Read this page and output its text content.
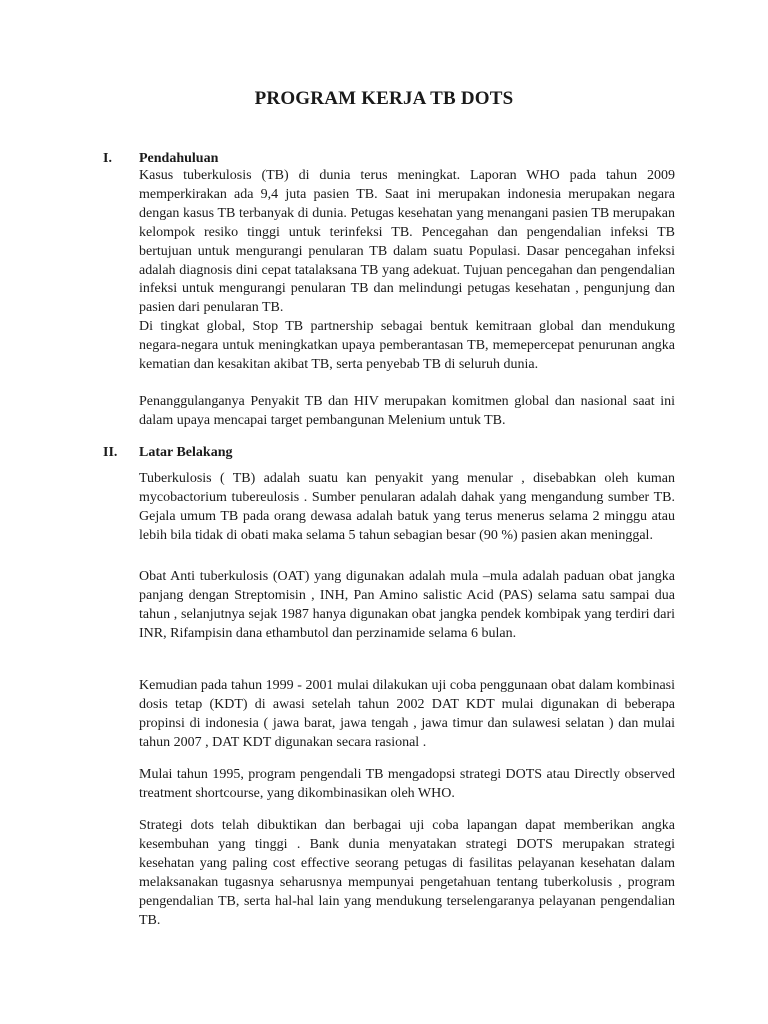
PROGRAM KERJA TB DOTS
I. Pendahuluan

Kasus tuberkulosis (TB) di dunia terus meningkat. Laporan WHO pada tahun 2009 memperkirakan ada 9,4 juta pasien TB. Saat ini merupakan indonesia merupakan negara dengan kasus TB terbanyak di dunia. Petugas kesehatan yang menangani pasien TB merupakan kelompok resiko tinggi untuk terinfeksi TB. Pencegahan dan pengendalian infeksi TB bertujuan untuk mengurangi penularan TB dalam suatu Populasi. Dasar pencegahan infeksi adalah diagnosis dini cepat tatalaksana TB yang adekuat. Tujuan pencegahan dan pengendalian infeksi untuk mengurangi penularan TB dan melindungi petugas kesehatan , pengunjung dan pasien dari penularan TB.

Di tingkat global, Stop TB partnership sebagai bentuk kemitraan global dan mendukung negara-negara untuk meningkatkan upaya pemberantasan TB, memepercepat penurunan angka kematian dan kesakitan akibat TB, serta penyebab TB di seluruh dunia.

Penanggulanganya Penyakit TB dan HIV merupakan komitmen global dan nasional saat ini dalam upaya mencapai target pembangunan Melenium untuk TB.

II. Latar Belakang

Tuberkulosis ( TB) adalah suatu kan penyakit yang menular , disebabkan oleh kuman mycobactorium tubereulosis . Sumber penularan adalah dahak yang mengandung sumber TB. Gejala umum TB pada orang dewasa adalah batuk yang terus menerus selama 2 minggu atau lebih bila tidak di obati maka selama 5 tahun sebagian besar (90 %) pasien akan meninggal.

Obat Anti tuberkulosis (OAT) yang digunakan adalah mula –mula adalah paduan obat jangka panjang dengan Streptomisin , INH, Pan Amino salistic Acid (PAS) selama satu sampai dua tahun , selanjutnya sejak 1987 hanya digunakan obat jangka pendek kombipak yang terdiri dari INR, Rifampisin dana ethambutol dan perzinamide selama 6 bulan.

Kemudian pada tahun 1999 - 2001 mulai dilakukan uji coba penggunaan obat dalam kombinasi dosis tetap (KDT) di awasi setelah tahun 2002 DAT KDT mulai digunakan di beberapa propinsi di indonesia ( jawa barat, jawa tengah , jawa timur dan sulawesi selatan ) dan mulai tahun 2007 , DAT KDT digunakan secara rasional .

Mulai tahun 1995, program pengendali TB mengadopsi strategi DOTS atau Directly observed treatment shortcourse, yang dikombinasikan oleh WHO.

Strategi dots telah dibuktikan dan berbagai uji coba lapangan dapat memberikan angka kesembuhan yang tinggi . Bank dunia menyatakan strategi DOTS merupakan strategi kesehatan yang paling cost effective seorang petugas di fasilitas pelayanan kesehatan dalam melaksanakan tugasnya seharusnya mempunyai pengetahuan tentang tuberkolusis , program pengendalian TB, serta hal-hal lain yang mendukung terselengaranya pelayanan pengendalian TB.
